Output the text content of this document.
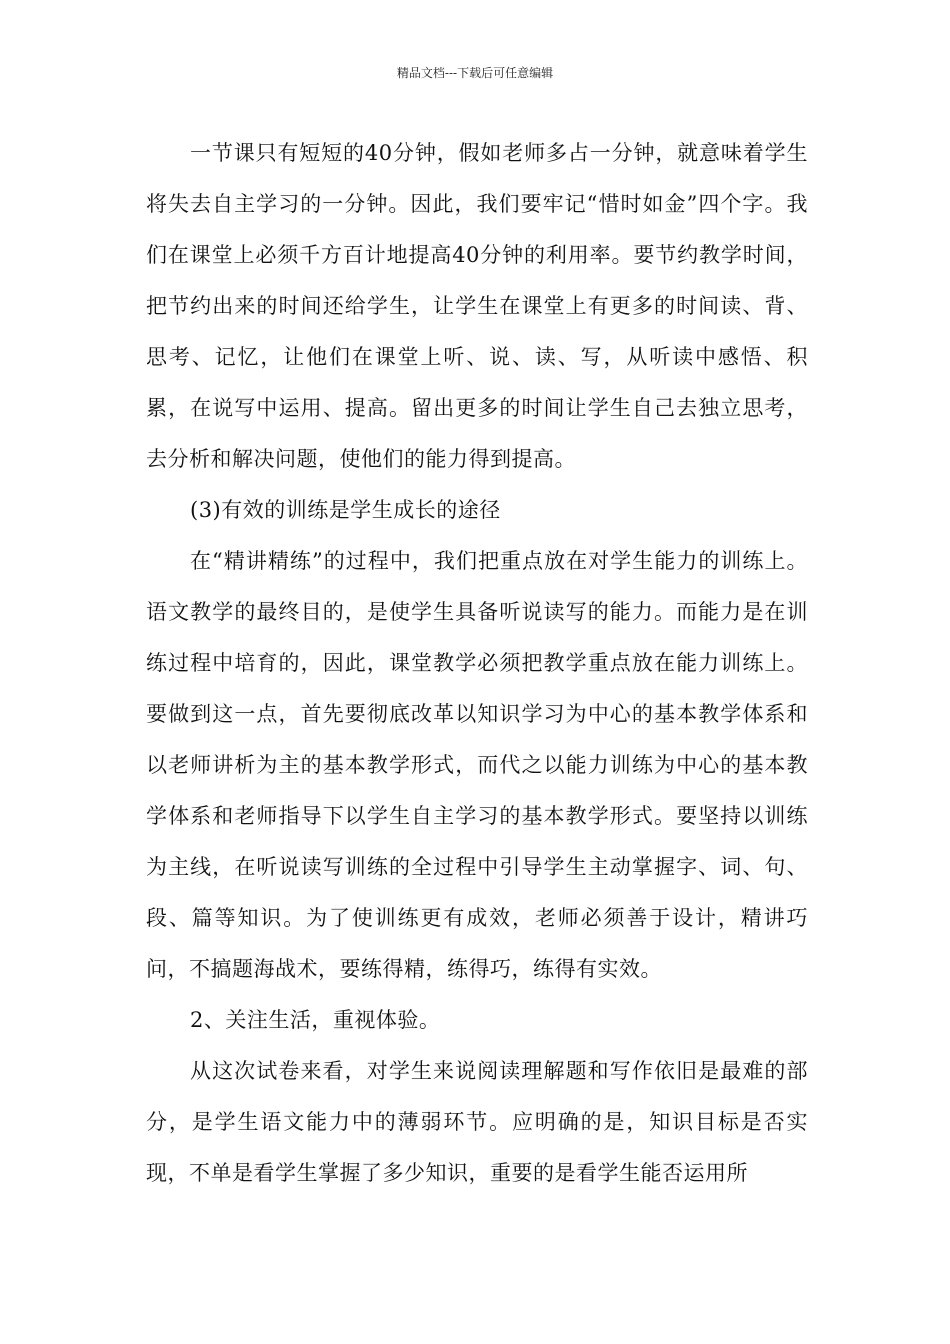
精品文档---下载后可任意编辑

一节课只有短短的40分钟，假如老师多占一分钟，就意味着学生将失去自主学习的一分钟。因此，我们要牢记“惜时如金”四个字。我们在课堂上必须千方百计地提高40分钟的利用率。要节约教学时间，把节约出来的时间还给学生，让学生在课堂上有更多的时间读、背、思考、记忆，让他们在课堂上听、说、读、写，从听读中感悟、积累，在说写中运用、提高。留出更多的时间让学生自己去独立思考，去分析和解决问题，使他们的能力得到提高。

(3)有效的训练是学生成长的途径

在“精讲精练”的过程中，我们把重点放在对学生能力的训练上。语文教学的最终目的，是使学生具备听说读写的能力。而能力是在训练过程中培育的，因此，课堂教学必须把教学重点放在能力训练上。要做到这一点，首先要彻底改革以知识学习为中心的基本教学体系和以老师讲析为主的基本教学形式，而代之以能力训练为中心的基本教学体系和老师指导下以学生自主学习的基本教学形式。要坚持以训练为主线，在听说读写训练的全过程中引导学生主动掌握字、词、句、段、篇等知识。为了使训练更有成效，老师必须善于设计，精讲巧问，不搞题海战术，要练得精，练得巧，练得有实效。

2、关注生活，重视体验。

从这次试卷来看，对学生来说阅读理解题和写作依旧是最难的部分，是学生语文能力中的薄弱环节。应明确的是，知识目标是否实现，不单是看学生掌握了多少知识，重要的是看学生能否运用所
